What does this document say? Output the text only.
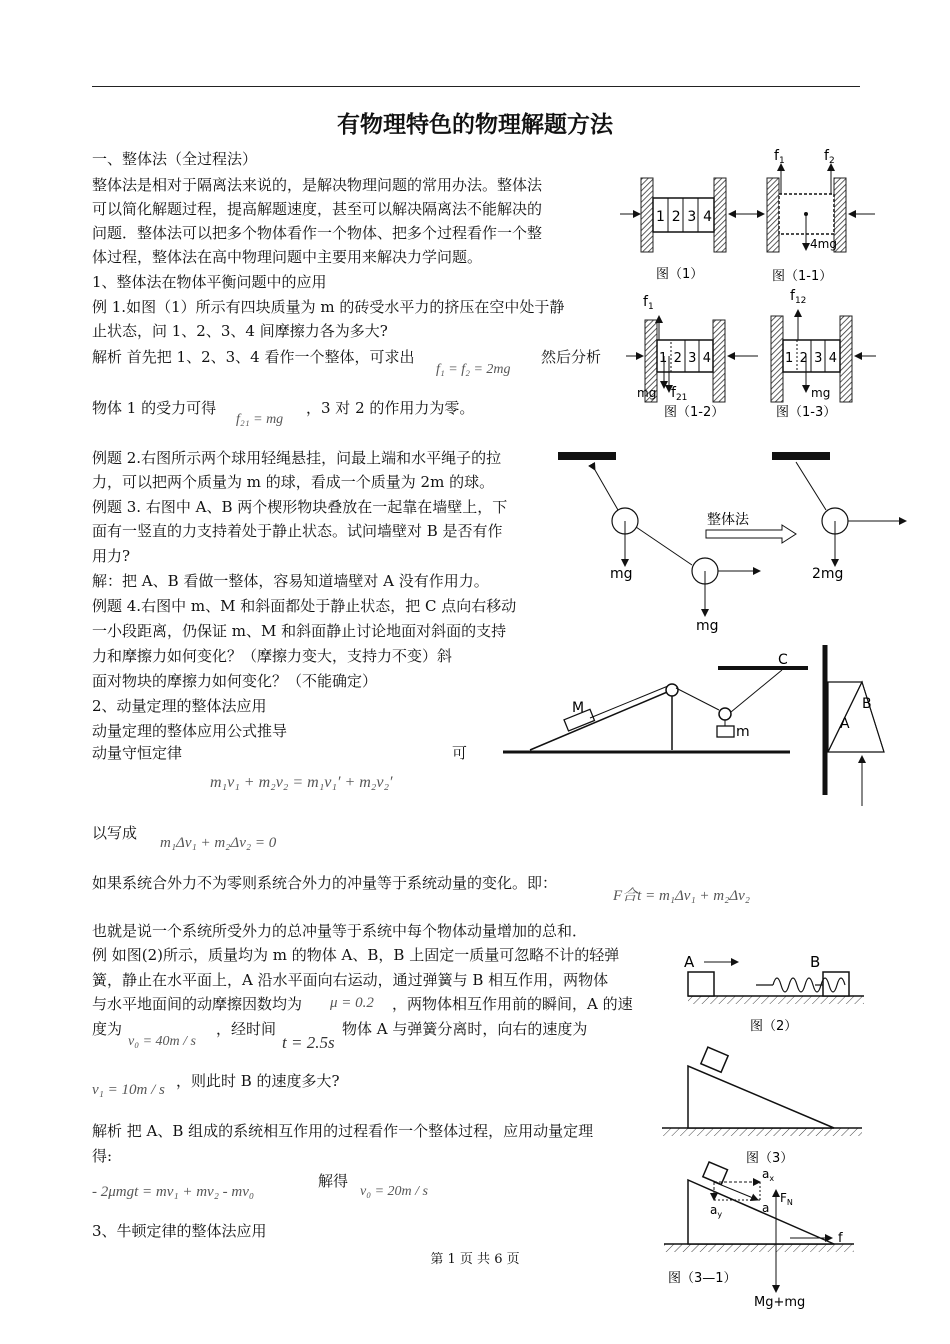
有物理特色的物理解题方法
一、整体法（全过程法）
整体法是相对于隔离法来说的，是解决物理问题的常用办法。整体法
可以简化解题过程，提高解题速度，甚至可以解决隔离法不能解决的
问题．整体法可以把多个物体看作一个物体、把多个过程看作一个整
体过程，整体法在高中物理问题中主要用来解决力学问题。
1、整体法在物体平衡问题中的应用
例 1.如图（1）所示有四块质量为 m 的砖受水平力的挤压在空中处于静
止状态，问 1、2、3、4 间摩擦力各为多大?
解析 首先把 1、2、3、4 看作一个整体，可求出
f₁ = f₂ = 2mg
然后分析
物体 1 的受力可得
f₂₁ = mg
，3 对 2 的作用力为零。
例题 2.右图所示两个球用轻绳悬挂，问最上端和水平绳子的拉
力，可以把两个质量为 m 的球，看成一个质量为 2m 的球。
例题 3. 右图中 A、B 两个楔形物块叠放在一起靠在墙壁上，下
面有一竖直的力支持着处于静止状态。试问墙壁对 B 是否有作
用力?
解：把 A、B 看做一整体，容易知道墙壁对 A 没有作用力。
例题 4.右图中 m、M 和斜面都处于静止状态，把 C 点向右移动
一小段距离，仍保证 m、M 和斜面静止讨论地面对斜面的支持
力和摩擦力如何变化？（摩擦力变大，支持力不变）斜
面对物块的摩擦力如何变化？（不能确定）
2、动量定理的整体法应用
动量定理的整体应用公式推导
动量守恒定律	可
m₁v₁ + m₂v₂ = m₁v₁′ + m₂v₂′
以写成
m₁Δv₁ + m₂Δv₂ = 0
如果系统合外力不为零则系统合外力的冲量等于系统动量的变化。即：
F合t = m₁Δv₁ + m₂Δv₂
也就是说一个系统所受外力的总冲量等于系统中每个物体动量增加的总和．
例 如图(2)所示，质量均为 m 的物体 A、B，B 上固定一质量可忽略不计的轻弹
簧，静止在水平面上，A 沿水平面向右运动，通过弹簧与 B 相互作用，两物体
与水平地面间的动摩擦因数均为 μ = 0.2 ，两物体相互作用前的瞬间，A 的速
度为
v₀ = 40m / s
，经时间
t = 2.5s
物体 A 与弹簧分离时，向右的速度为
v₁ = 10m / s ，则此时 B 的速度多大?
解析 把 A、B 组成的系统相互作用的过程看作一个整体过程，应用动量定理
得:
- 2μmgt = mv₁ + mv₂ - mv₀
解得
v₀ = 20m / s
3、牛顿定律的整体法应用
第 1 页 共 6 页
1234
图（1）
$f_1$	$f_2$
4mg
图（1-1）
1234
$f_1$
mg $f_{21}$
图（1-2）
1234
$f_{12}$
mg
图（1-3）
mg
mg
整体法
2mg
M
m
C
A
B
A	B
图（2）
图（3）
$a_x$
$a_y$	a
$F_N$
f
Mg+mg
图（3—1）
